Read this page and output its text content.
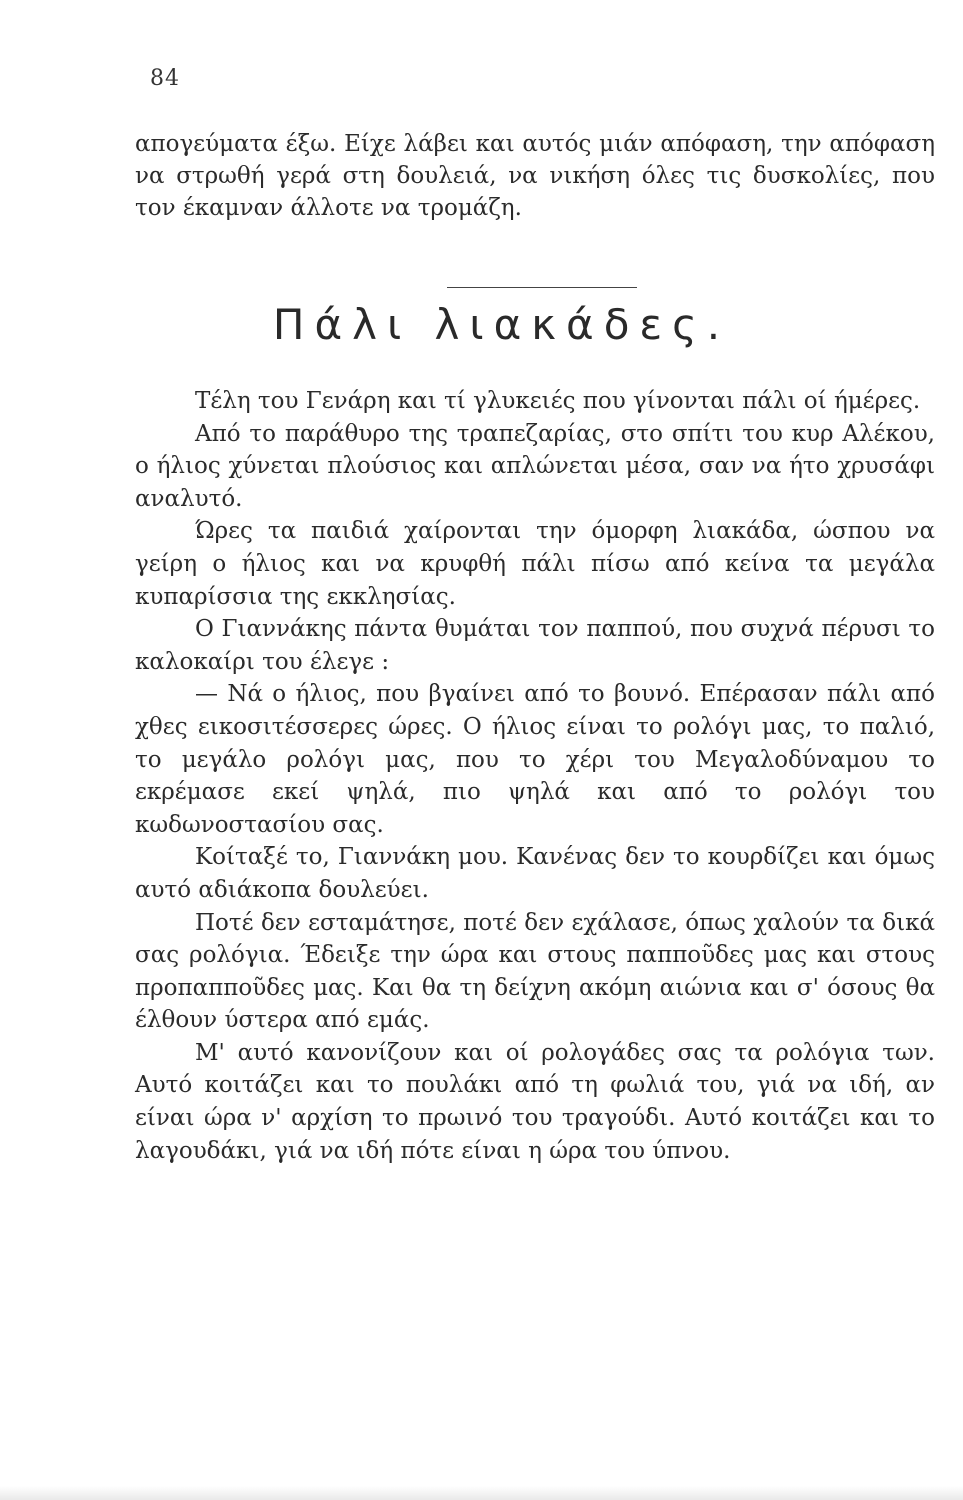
84

απογεύματα έξω. Είχε λάβει και αυτός μιάν απόφαση, την απόφαση να στρωθή γερά στη δουλειά, να νικήση όλες τις δυσκολίες, που τον έκαμναν άλλοτε να τρομάζη.

Πάλι λιακάδες.

Τέλη του Γενάρη και τί γλυκειές που γίνονται πάλι οί ήμέρες.

Από το παράθυρο της τραπεζαρίας, στο σπίτι του κυρ Αλέκου, ο ήλιος χύνεται πλούσιος και απλώνεται μέσα, σαν να ήτο χρυσάφι αναλυτό.

Ώρες τα παιδιά χαίρονται την όμορφη λιακάδα, ώσπου να γείρη ο ήλιος και να κρυφθή πάλι πίσω από κείνα τα μεγάλα κυπαρίσσια της εκκλησίας.

Ο Γιαννάκης πάντα θυμάται τον παππού, που συχνά πέρυσι το καλοκαίρι του έλεγε :

— Νά ο ήλιος, που βγαίνει από το βουνό. Επέρασαν πάλι από χθες εικοσιτέσσερες ώρες. Ο ήλιος είναι το ρολόγι μας, το παλιό, το μεγάλο ρολόγι μας, που το χέρι του Μεγαλοδύναμου το εκρέμασε εκεί ψηλά, πιο ψηλά και από το ρολόγι του κωδωνοστασίου σας.

Κοίταξέ το, Γιαννάκη μου. Κανένας δεν το κουρδίζει και όμως αυτό αδιάκοπα δουλεύει.

Ποτέ δεν εσταμάτησε, ποτέ δεν εχάλασε, όπως χαλούν τα δικά σας ρολόγια. Έδειξε την ώρα και στους παπποῦδες μας και στους προπαπποῦδες μας. Και θα τη δείχνη ακόμη αιώνια και σ' όσους θα έλθουν ύστερα από εμάς.

Μ' αυτό κανονίζουν και οί ρολογάδες σας τα ρολόγια των. Αυτό κοιτάζει και το πουλάκι από τη φωλιά του, γιά να ιδή, αν είναι ώρα ν' αρχίση το πρωινό του τραγούδι. Αυτό κοιτάζει και το λαγουδάκι, γιά να ιδή πότε είναι η ώρα του ύπνου.
